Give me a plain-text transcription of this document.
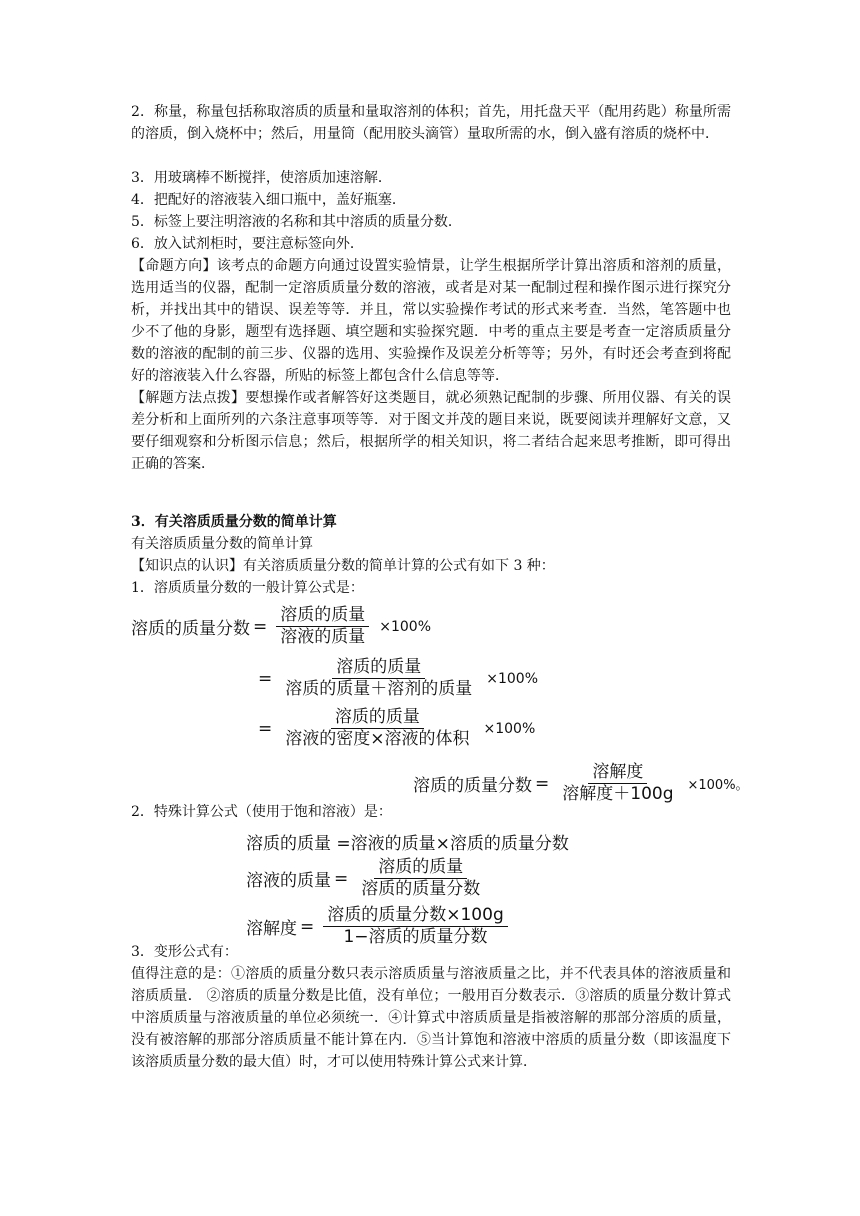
2．称量，称量包括称取溶质的质量和量取溶剂的体积；首先，用托盘天平（配用药匙）称量所需的溶质，倒入烧杯中；然后，用量筒（配用胶头滴管）量取所需的水，倒入盛有溶质的烧杯中．

3．用玻璃棒不断搅拌，使溶质加速溶解．

4．把配好的溶液装入细口瓶中，盖好瓶塞．

5．标签上要注明溶液的名称和其中溶质的质量分数．

6．放入试剂柜时，要注意标签向外．

【命题方向】该考点的命题方向通过设置实验情景，让学生根据所学计算出溶质和溶剂的质量，选用适当的仪器，配制一定溶质质量分数的溶液，或者是对某一配制过程和操作图示进行探究分析，并找出其中的错误、误差等等．并且，常以实验操作考试的形式来考查．当然，笔答题中也少不了他的身影，题型有选择题、填空题和实验探究题．中考的重点主要是考查一定溶质质量分数的溶液的配制的前三步、仪器的选用、实验操作及误差分析等等；另外，有时还会考查到将配好的溶液装入什么容器，所贴的标签上都包含什么信息等等．

【解题方法点拨】要想操作或者解答好这类题目，就必须熟记配制的步骤、所用仪器、有关的误差分析和上面所列的六条注意事项等等．对于图文并茂的题目来说，既要阅读并理解好文意，又要仔细观察和分析图示信息；然后，根据所学的相关知识，将二者结合起来思考推断，即可得出正确的答案．

3．有关溶质质量分数的简单计算

有关溶质质量分数的简单计算

【知识点的认识】有关溶质质量分数的简单计算的公式有如下 3 种：

1．溶质质量分数的一般计算公式是：

溶质的质量分数 = $\frac{\text{溶质的质量}}{\text{溶液的质量}} \times 100\%$
= $\frac{\text{溶质的质量}}{\text{溶质的质量＋溶剂的质量}} \times 100\%$
= $\frac{\text{溶质的质量}}{\text{溶液的密度×溶液的体积}} \times 100\%$
溶质的质量分数 = $\frac{\text{溶解度}}{\text{溶解度＋100g}} \times 100\%$。

2．特殊计算公式（使用于饱和溶液）是：

溶质的质量 =溶液的质量×溶质的质量分数
溶液的质量 = $\frac{\text{溶质的质量}}{\text{溶质的质量分数}}$
溶解度 = $\frac{\text{溶质的质量分数×100g}}{\text{1−溶质的质量分数}}$

3．变形公式有：

值得注意的是：①溶质的质量分数只表示溶质质量与溶液质量之比，并不代表具体的溶液质量和溶质质量． ②溶质的质量分数是比值，没有单位；一般用百分数表示．③溶质的质量分数计算式中溶质质量与溶液质量的单位必须统一．④计算式中溶质质量是指被溶解的那部分溶质的质量，没有被溶解的那部分溶质质量不能计算在内．⑤当计算饱和溶液中溶质的质量分数（即该温度下该溶质质量分数的最大值）时，才可以使用特殊计算公式来计算．
